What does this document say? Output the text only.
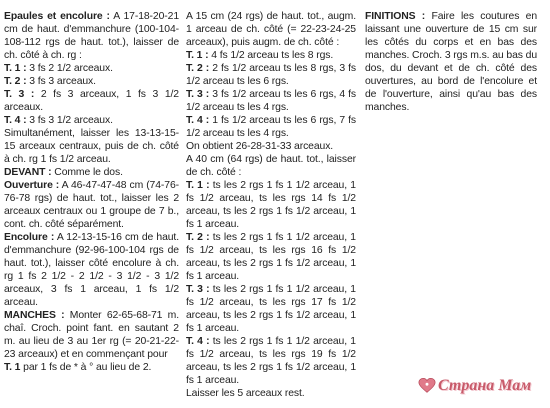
Epaules et encolure : A 17-18-20-21 cm de haut. d'emmanchure (100-104-108-112 rgs de haut. tot.), laisser de ch. côté à ch. rg :

T. 1 : 3 fs 2 1/2 arceaux.

T. 2 : 3 fs 3 arceaux.

T. 3 : 2 fs 3 arceaux, 1 fs 3 1/2 arceaux.

T. 4 : 3 fs 3 1/2 arceaux.

Simultanément, laisser les 13-13-15-15 arceaux centraux, puis de ch. côté à ch. rg 1 fs 1/2 arceau.

DEVANT : Comme le dos.

Ouverture : A 46-47-47-48 cm (74-76-76-78 rgs) de haut. tot., laisser les 2 arceaux centraux ou 1 groupe de 7 b., cont. ch. côté séparément.

Encolure : A 12-13-15-16 cm de haut. d'emmanchure (92-96-100-104 rgs de haut. tot.), laisser côté encolure à ch. rg 1 fs 2 1/2 - 2 1/2 - 3 1/2 - 3 1/2 arceaux, 3 fs 1 arceau, 1 fs 1/2 arceau.

MANCHES : Monter 62-65-68-71 m. chaî. Croch. point fant. en sautant 2 m. au lieu de 3 au 1er rg (= 20-21-22-23 arceaux) et en commençant pour

T. 1 par 1 fs de * à ° au lieu de 2.

A 15 cm (24 rgs) de haut. tot., augm. 1 arceau de ch. côté (= 22-23-24-25 arceaux), puis augm. de ch. côté :

T. 1 : 4 fs 1/2 arceau ts les 8 rgs.

T. 2 : 2 fs 1/2 arceau ts les 8 rgs, 3 fs 1/2 arceau ts les 6 rgs.

T. 3 : 3 fs 1/2 arceau ts les 6 rgs, 4 fs 1/2 arceau ts les 4 rgs.

T. 4 : 1 fs 1/2 arceau ts les 6 rgs, 7 fs 1/2 arceau ts les 4 rgs.

On obtient 26-28-31-33 arceaux.

A 40 cm (64 rgs) de haut. tot., laisser de ch. côté :

T. 1 : ts les 2 rgs 1 fs 1 1/2 arceau, 1 fs 1/2 arceau, ts les rgs 14 fs 1/2 arceau, ts les 2 rgs 1 fs 1/2 arceau, 1 fs 1 arceau.

T. 2 : ts les 2 rgs 1 fs 1 1/2 arceau, 1 fs 1/2 arceau, ts les rgs 16 fs 1/2 arceau, ts les 2 rgs 1 fs 1/2 arceau, 1 fs 1 arceau.

T. 3 : ts les 2 rgs 1 fs 1 1/2 arceau, 1 fs 1/2 arceau, ts les rgs 17 fs 1/2 arceau, ts les 2 rgs 1 fs 1/2 arceau, 1 fs 1 arceau.

T. 4 : ts les 2 rgs 1 fs 1 1/2 arceau, 1 fs 1/2 arceau, ts les rgs 19 fs 1/2 arceau, ts les 2 rgs 1 fs 1/2 arceau, 1 fs 1 arceau.

Laisser les 5 arceaux rest.

FINITIONS : Faire les coutures en laissant une ouverture de 15 cm sur les côtés du corps et en bas des manches. Croch. 3 rgs m.s. au bas du dos, du devant et de ch. côté des ouvertures, au bord de l'encolure et de l'ouverture, ainsi qu'au bas des manches.

Страна Мам
